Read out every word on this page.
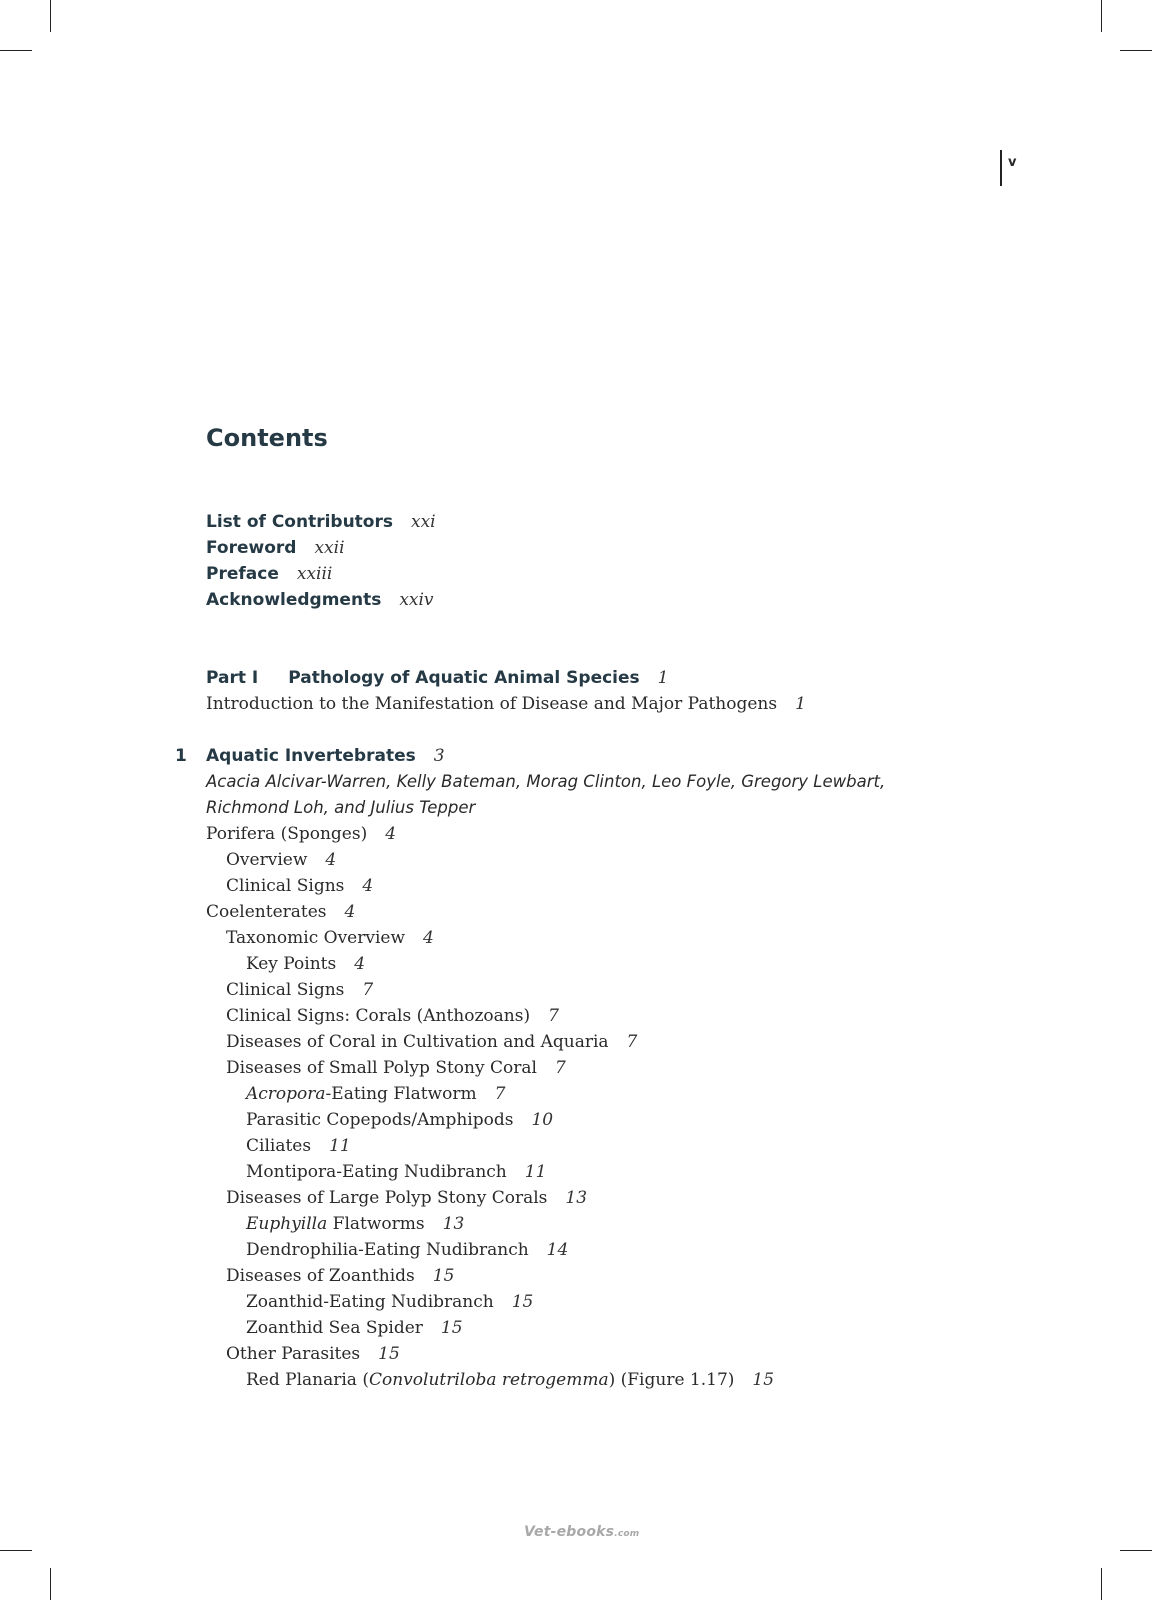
v
Contents
List of Contributors xxi
Foreword xxii
Preface xxiii
Acknowledgments xxiv
Part I Pathology of Aquatic Animal Species 1
Introduction to the Manifestation of Disease and Major Pathogens 1
1 Aquatic Invertebrates 3
Acacia Alcivar-Warren, Kelly Bateman, Morag Clinton, Leo Foyle, Gregory Lewbart,
Richmond Loh, and Julius Tepper
Porifera (Sponges) 4
Overview 4
Clinical Signs 4
Coelenterates 4
Taxonomic Overview 4
Key Points 4
Clinical Signs 7
Clinical Signs: Corals (Anthozoans) 7
Diseases of Coral in Cultivation and Aquaria 7
Diseases of Small Polyp Stony Coral 7
Acropora-Eating Flatworm 7
Parasitic Copepods/Amphipods 10
Ciliates 11
Montipora-Eating Nudibranch 11
Diseases of Large Polyp Stony Corals 13
Euphyilla Flatworms 13
Dendrophilia-Eating Nudibranch 14
Diseases of Zoanthids 15
Zoanthid-Eating Nudibranch 15
Zoanthid Sea Spider 15
Other Parasites 15
Red Planaria (Convolutriloba retrogemma) (Figure 1.17) 15
Vet-ebooks.com
